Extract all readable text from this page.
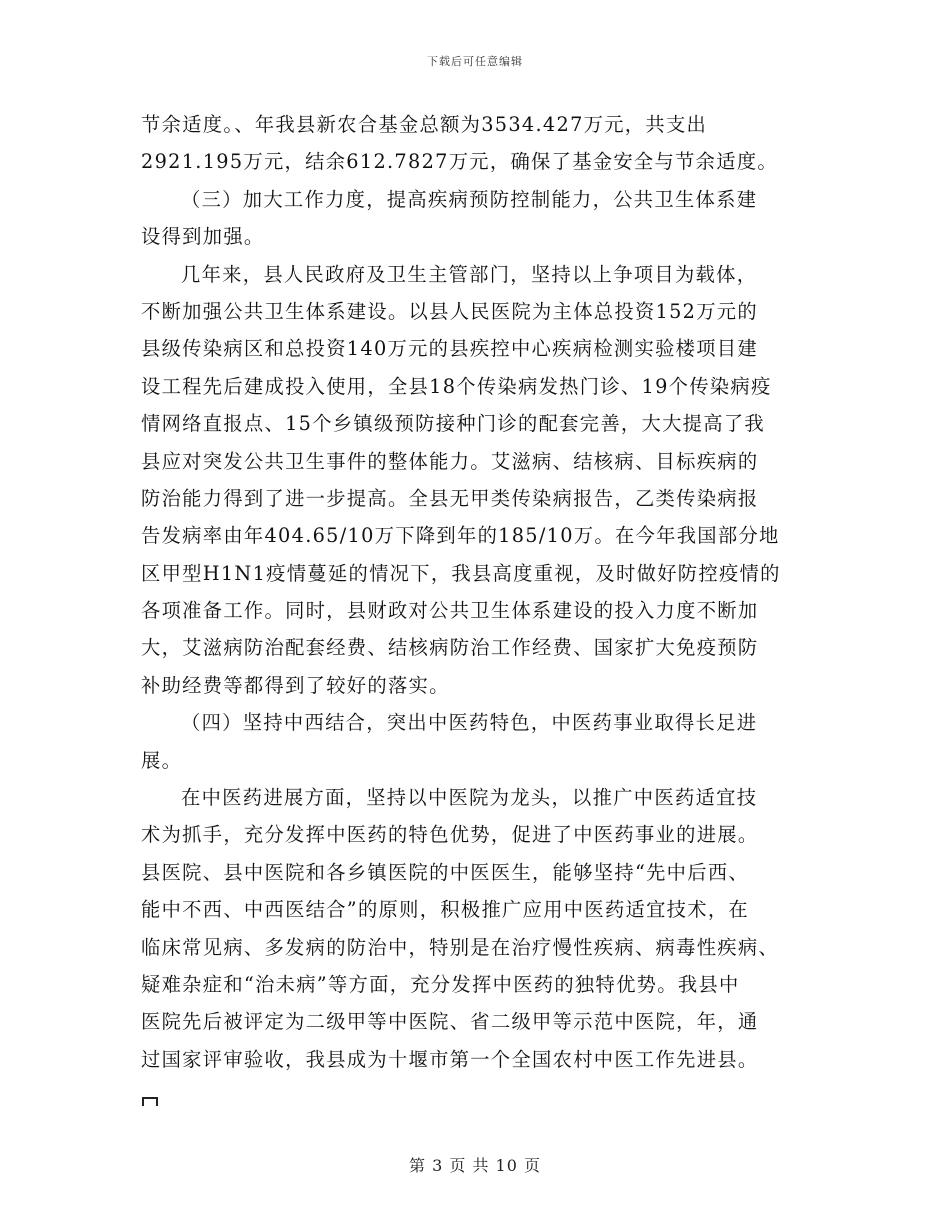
下载后可任意编辑
节余适度。、年我县新农合基金总额为3534.427万元，共支出
2921.195万元，结余612.7827万元，确保了基金安全与节余适度。
（三）加大工作力度，提高疾病预防控制能力，公共卫生体系建
设得到加强。
几年来，县人民政府及卫生主管部门，坚持以上争项目为载体，
不断加强公共卫生体系建设。以县人民医院为主体总投资152万元的
县级传染病区和总投资140万元的县疾控中心疾病检测实验楼项目建
设工程先后建成投入使用，全县18个传染病发热门诊、19个传染病疫
情网络直报点、15个乡镇级预防接种门诊的配套完善，大大提高了我
县应对突发公共卫生事件的整体能力。艾滋病、结核病、目标疾病的
防治能力得到了进一步提高。全县无甲类传染病报告，乙类传染病报
告发病率由年404.65/10万下降到年的185/10万。在今年我国部分地
区甲型H1N1疫情蔓延的情况下，我县高度重视，及时做好防控疫情的
各项准备工作。同时，县财政对公共卫生体系建设的投入力度不断加
大，艾滋病防治配套经费、结核病防治工作经费、国家扩大免疫预防
补助经费等都得到了较好的落实。
（四）坚持中西结合，突出中医药特色，中医药事业取得长足进
展。
在中医药进展方面，坚持以中医院为龙头，以推广中医药适宜技
术为抓手，充分发挥中医药的特色优势，促进了中医药事业的进展。
县医院、县中医院和各乡镇医院的中医医生，能够坚持“先中后西、
能中不西、中西医结合”的原则，积极推广应用中医药适宜技术，在
临床常见病、多发病的防治中，特别是在治疗慢性疾病、病毒性疾病、
疑难杂症和“治未病”等方面，充分发挥中医药的独特优势。我县中
医院先后被评定为二级甲等中医院、省二级甲等示范中医院，年，通
过国家评审验收，我县成为十堰市第一个全国农村中医工作先进县。
第 3 页 共 10 页
